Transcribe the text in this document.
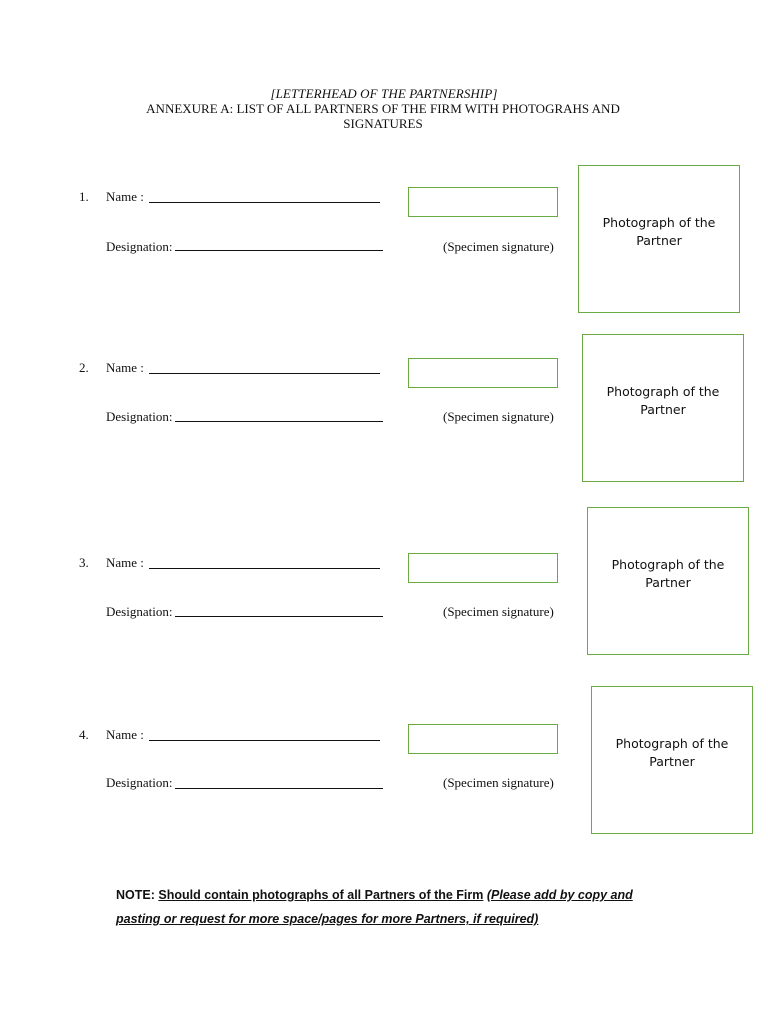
[LETTERHEAD OF THE PARTNERSHIP]
ANNEXURE A: LIST OF ALL PARTNERS OF THE FIRM WITH PHOTOGRAHS AND SIGNATURES
1. Name :
Designation:	(Specimen signature)
Photograph of the Partner
2. Name :
Designation:	(Specimen signature)
Photograph of the Partner
3. Name :
Designation:	(Specimen signature)
Photograph of the Partner
4. Name :
Designation:	(Specimen signature)
Photograph of the Partner
NOTE: Should contain photographs of all Partners of the Firm (Please add by copy and pasting or request for more space/pages for more Partners, if required)
